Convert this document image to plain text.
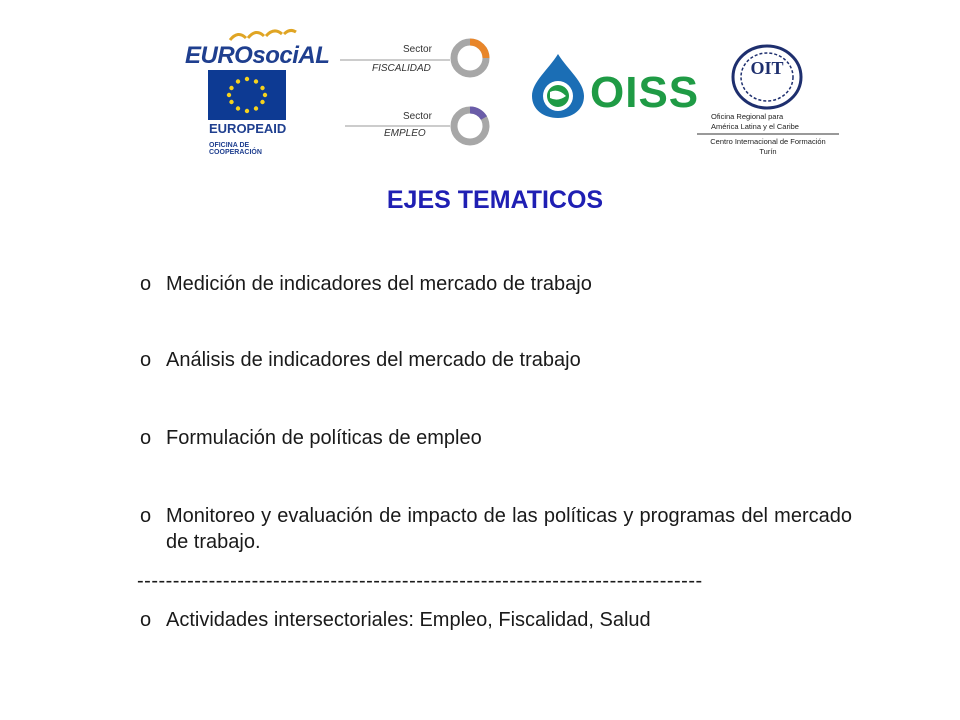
EUROsociAL
EUROPEAID
OFICINA DE COOPERACIÓN
Sector
FISCALIDAD
Sector
EMPLEO
OISS	OIT
Oficina Regional para
América Latina y el Caribe
Centro Internacional de Formación
Turín
EJES TEMATICOS
o Medición de indicadores del mercado de trabajo
o Análisis de indicadores del mercado de trabajo
o Formulación de políticas de empleo
o Monitoreo y evaluación de impacto de las políticas y programas del mercado de trabajo.
o Actividades intersectoriales: Empleo, Fiscalidad, Salud
-------------------------------------------------------------------------------
